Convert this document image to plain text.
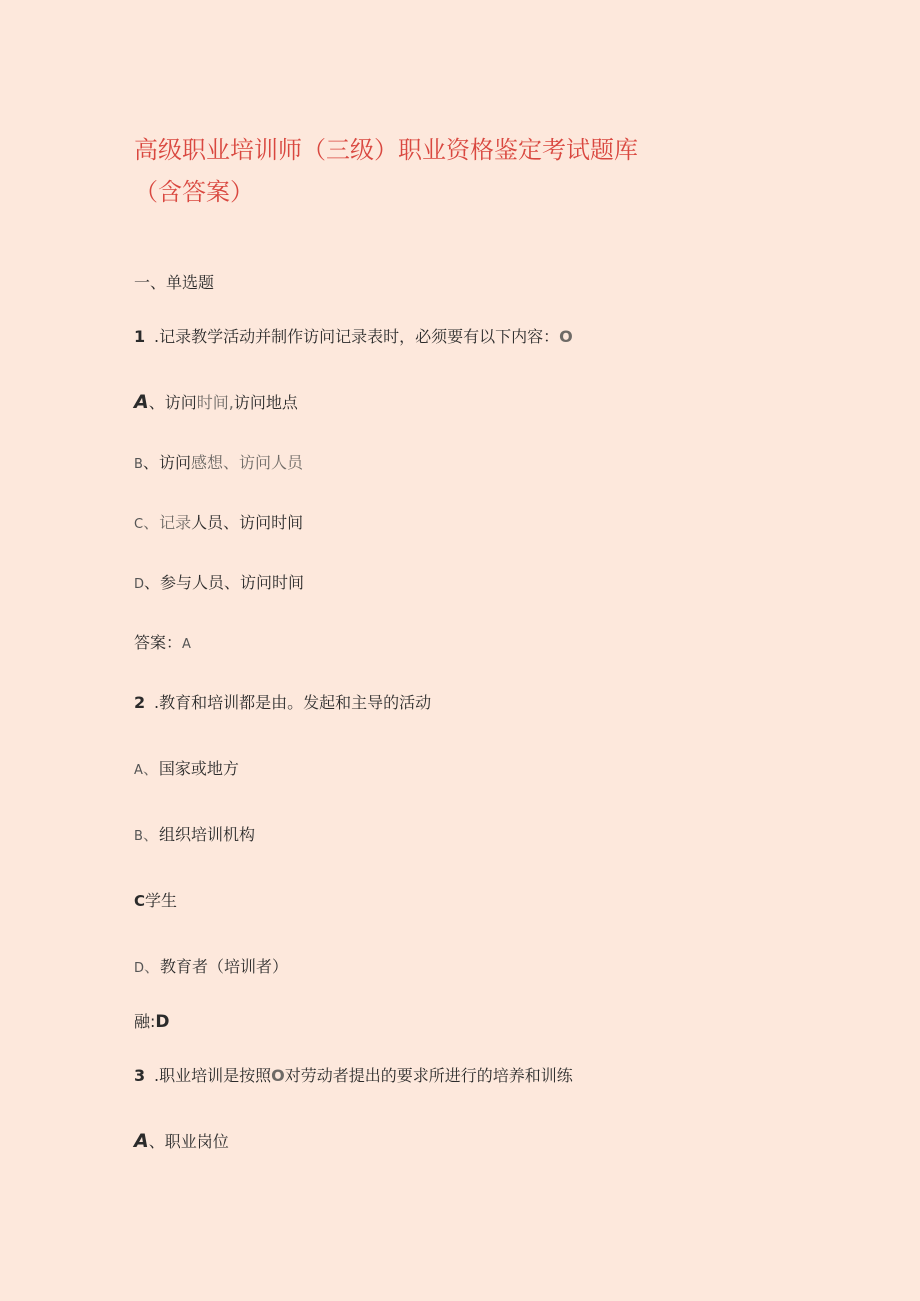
高级职业培训师（三级）职业资格鉴定考试题库（含答案）

一、单选题

1 .记录教学活动并制作访问记录表时，必须要有以下内容：O

A、访问时间,访问地点

B、访问感想、访问人员

C、记录人员、访问时间

D、参与人员、访问时间

答案：A

2 .教育和培训都是由。发起和主导的活动

A、国家或地方

B、组织培训机构

C学生

D、教育者（培训者）

融:D

3 .职业培训是按照O对劳动者提出的要求所进行的培养和训练

A、职业岗位
